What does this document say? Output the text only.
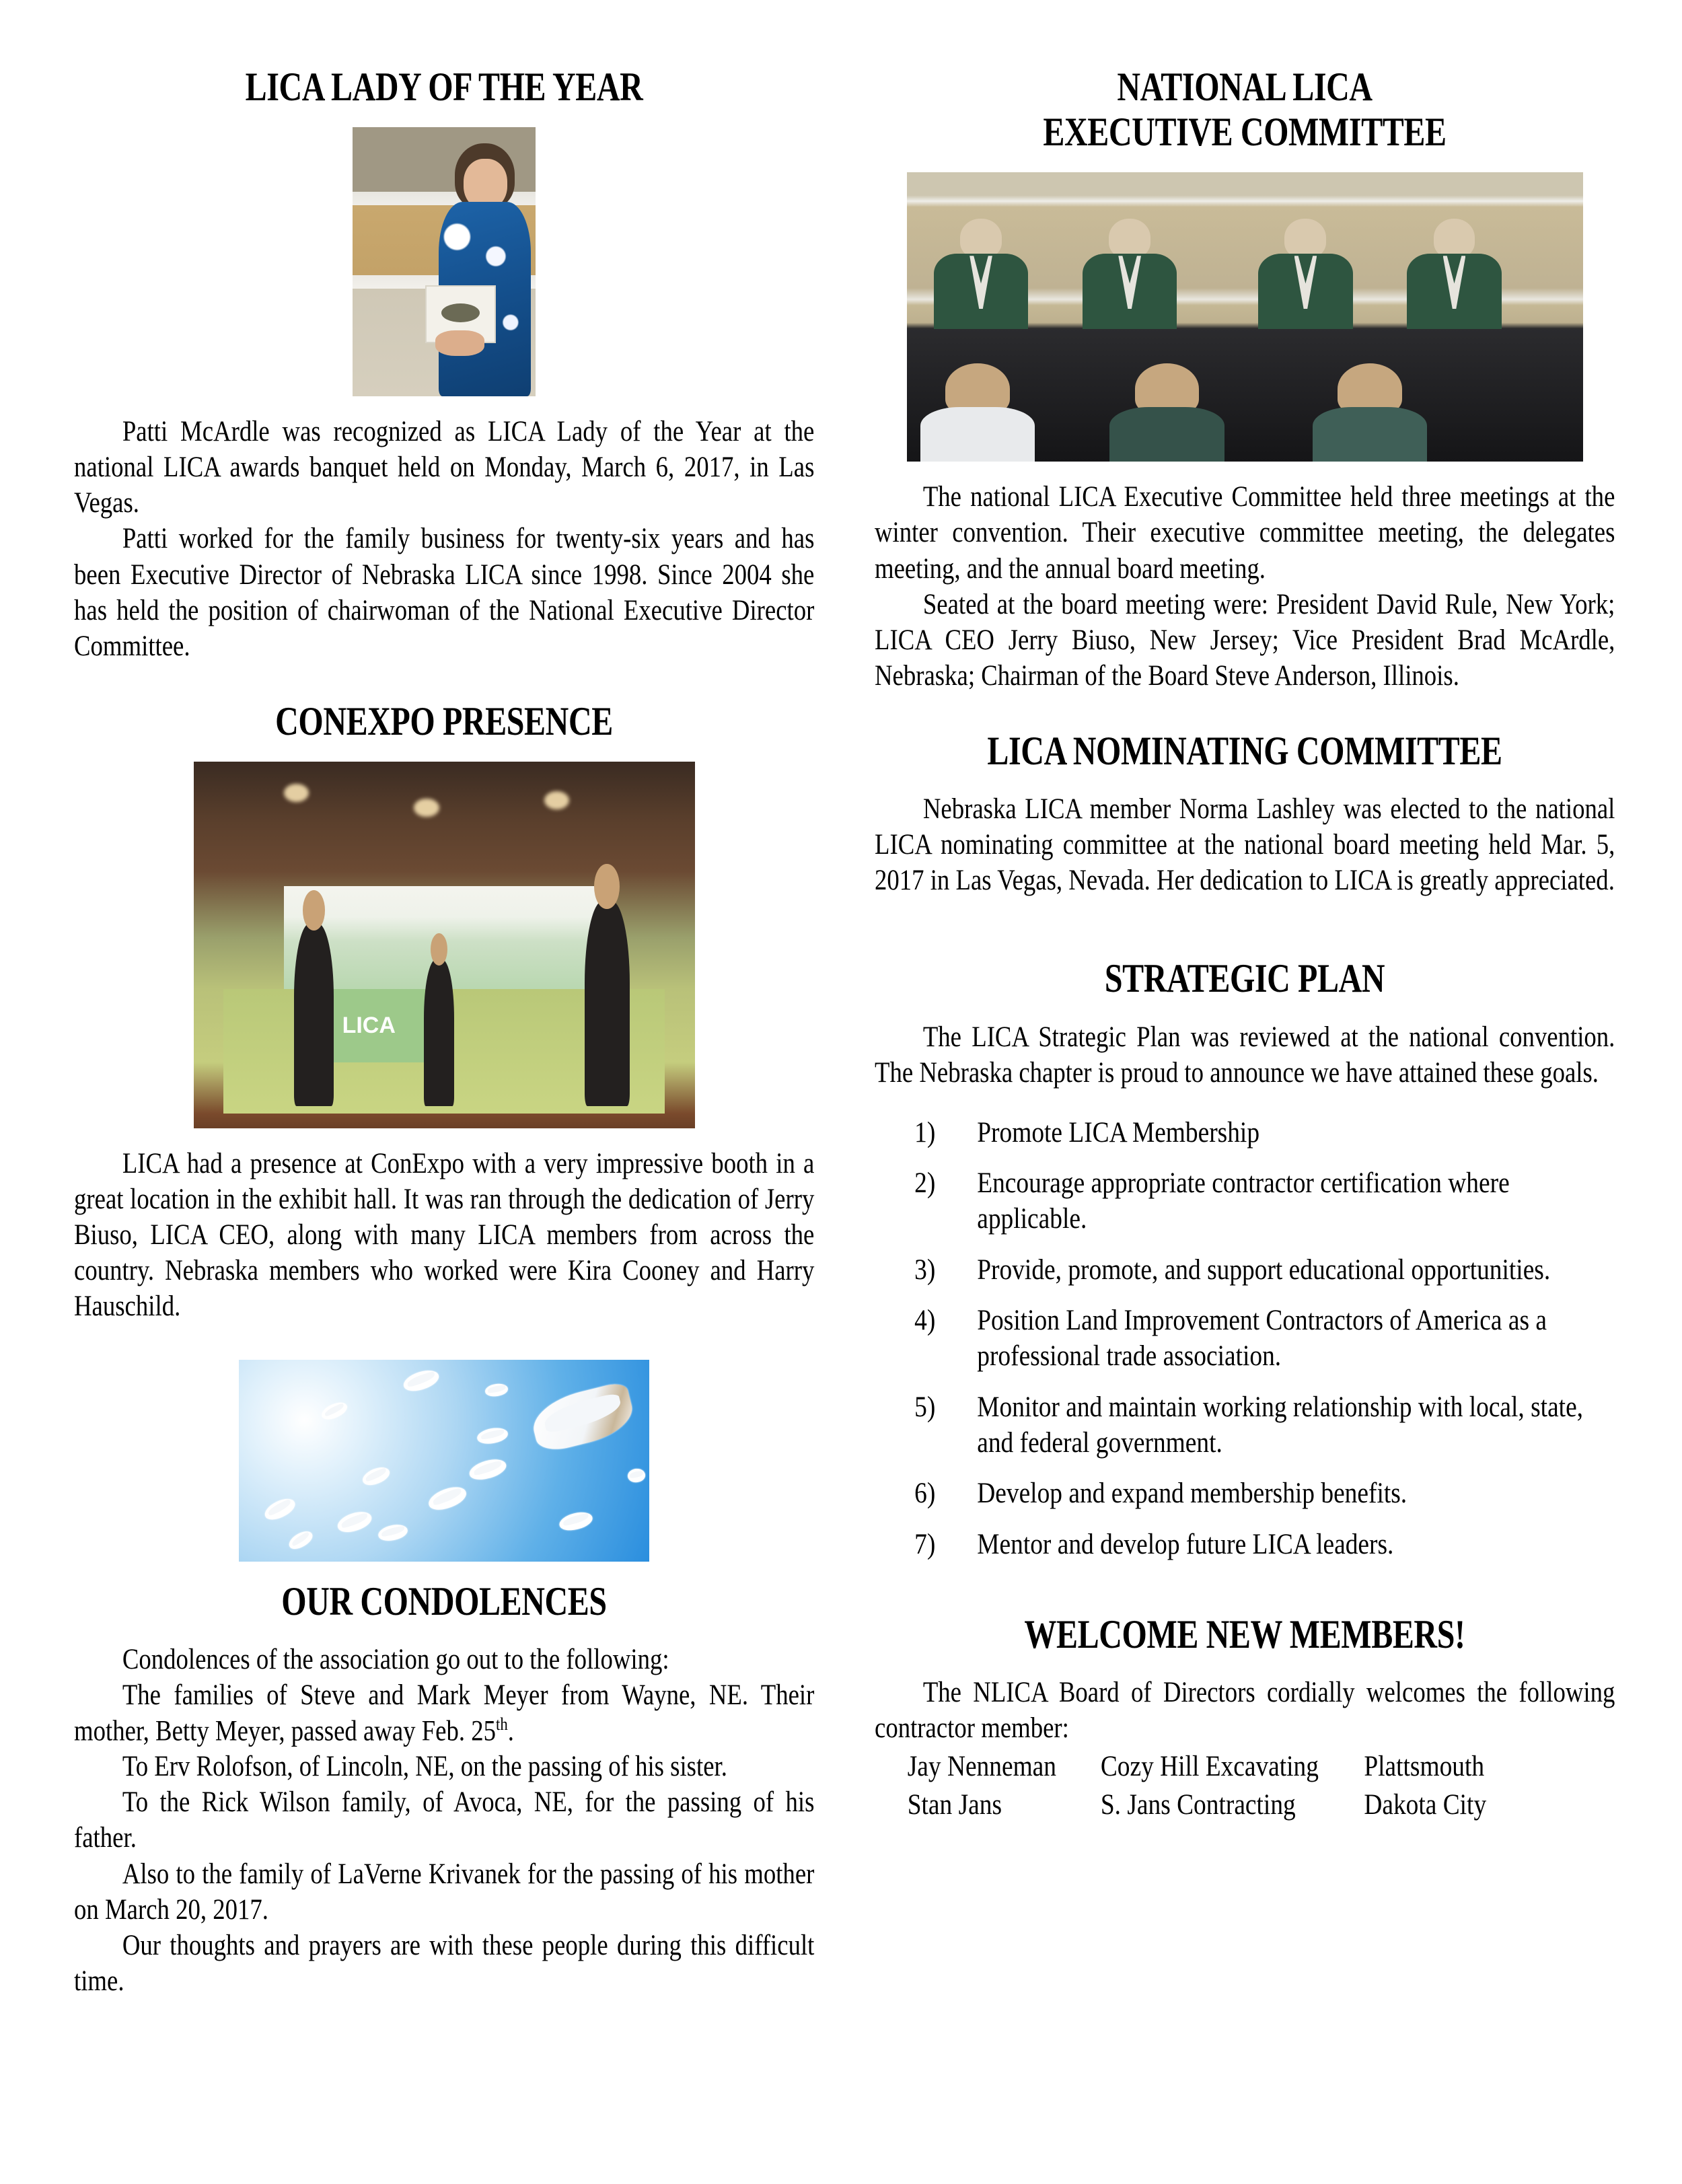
LICA LADY OF THE YEAR

Patti McArdle was recognized as LICA Lady of the Year at the national LICA awards banquet held on Monday, March 6, 2017, in Las Vegas.

Patti worked for the family business for twenty-six years and has been Executive Director of Nebraska LICA since 1998. Since 2004 she has held the position of chairwoman of the National Executive Director Committee.

CONEXPO PRESENCE
LICA

LICA had a presence at ConExpo with a very impressive booth in a great location in the exhibit hall. It was ran through the dedication of Jerry Biuso, LICA CEO, along with many LICA members from across the country. Nebraska members who worked were Kira Cooney and Harry Hauschild.

OUR CONDOLENCES

Condolences of the association go out to the following:

The families of Steve and Mark Meyer from Wayne, NE. Their mother, Betty Meyer, passed away Feb. 25th.

To Erv Rolofson, of Lincoln, NE, on the passing of his sister.

To the Rick Wilson family, of Avoca, NE, for the passing of his father.

Also to the family of LaVerne Krivanek for the passing of his mother on March 20, 2017.

Our thoughts and prayers are with these people during this difficult time.

NATIONAL LICA
EXECUTIVE COMMITTEE

The national LICA Executive Committee held three meetings at the winter convention. Their executive committee meeting, the delegates meeting, and the annual board meeting.

Seated at the board meeting were: President David Rule, New York; LICA CEO Jerry Biuso, New Jersey; Vice President Brad McArdle, Nebraska; Chairman of the Board Steve Anderson, Illinois.

LICA NOMINATING COMMITTEE

Nebraska LICA member Norma Lashley was elected to the national LICA nominating committee at the national board meeting held Mar. 5, 2017 in Las Vegas, Nevada. Her dedication to LICA is greatly appreciated.

STRATEGIC PLAN

The LICA Strategic Plan was reviewed at the national convention. The Nebraska chapter is proud to announce we have attained these goals.

Promote LICA Membership
Encourage appropriate contractor certification where applicable.
Provide, promote, and support educational opportunities.
Position Land Improvement Contractors of America as a professional trade association.
Monitor and maintain working relationship with local, state, and federal government.
Develop and expand membership benefits.
Mentor and develop future LICA leaders.
WELCOME NEW MEMBERS!

The NLICA Board of Directors cordially welcomes the following contractor member:

Jay Nenneman	Cozy Hill Excavating	Plattsmouth
Stan Jans	S. Jans Contracting	Dakota City
